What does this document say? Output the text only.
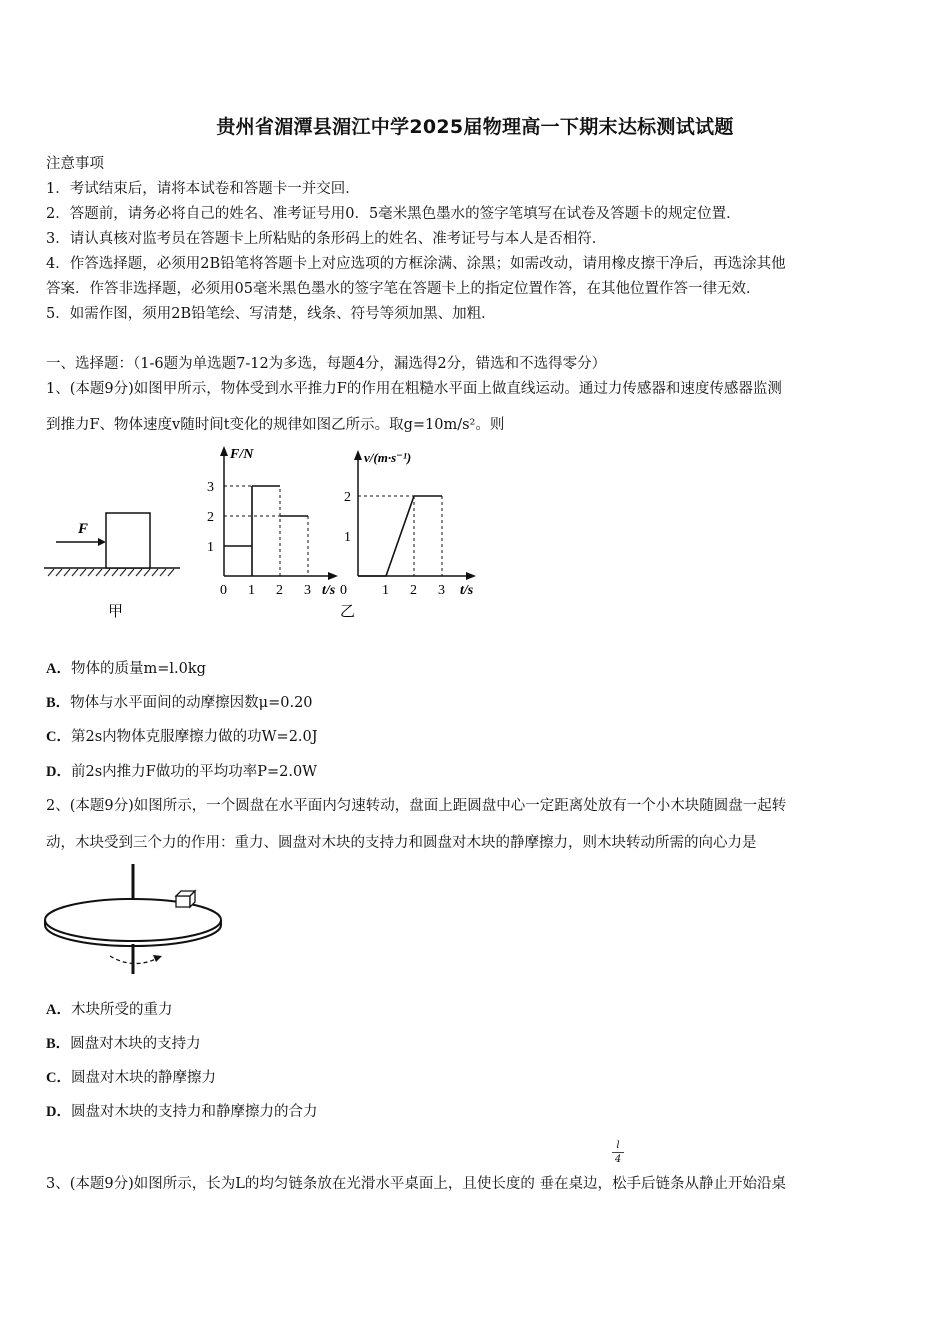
贵州省湄潭县湄江中学2025届物理高一下期末达标测试试题
注意事项
1．考试结束后，请将本试卷和答题卡一并交回．
2．答题前，请务必将自己的姓名、准考证号用0．5毫米黑色墨水的签字笔填写在试卷及答题卡的规定位置．
3．请认真核对监考员在答题卡上所粘贴的条形码上的姓名、准考证号与本人是否相符．
4．作答选择题，必须用2B铅笔将答题卡上对应选项的方框涂满、涂黑；如需改动，请用橡皮擦干净后，再选涂其他
答案．作答非选择题，必须用05毫米黑色墨水的签字笔在答题卡上的指定位置作答，在其他位置作答一律无效．
5．如需作图，须用2B铅笔绘、写清楚，线条、符号等须加黑、加粗．
一、选择题：（1-6题为单选题7-12为多选，每题4分，漏选得2分，错选和不选得零分）
1、(本题9分)如图甲所示，物体受到水平推力F的作用在粗糙水平面上做直线运动。通过力传感器和速度传感器监测
到推力F、物体速度v随时间t变化的规律如图乙所示。取g=10m/s²。则
F
甲
F/N
t/s
1
2
3
0 1 2 3
v/(m·s⁻¹)
t/s
1
2
0	1 2 3
乙
A．物体的质量m=l.0kg
B．物体与水平面间的动摩擦因数μ=0.20
C．第2s内物体克服摩擦力做的功W=2.0J
D．前2s内推力F做功的平均功率P=2.0W
2、(本题9分)如图所示，一个圆盘在水平面内匀速转动，盘面上距圆盘中心一定距离处放有一个小木块随圆盘一起转
动，木块受到三个力的作用：重力、圆盘对木块的支持力和圆盘对木块的静摩擦力，则木块转动所需的向心力是
A．木块所受的重力
B．圆盘对木块的支持力
C．圆盘对木块的静摩擦力
D．圆盘对木块的支持力和静摩擦力的合力
l
4
3、(本题9分)如图所示，长为L的均匀链条放在光滑水平桌面上，且使长度的 垂在桌边，松手后链条从静止开始沿桌
